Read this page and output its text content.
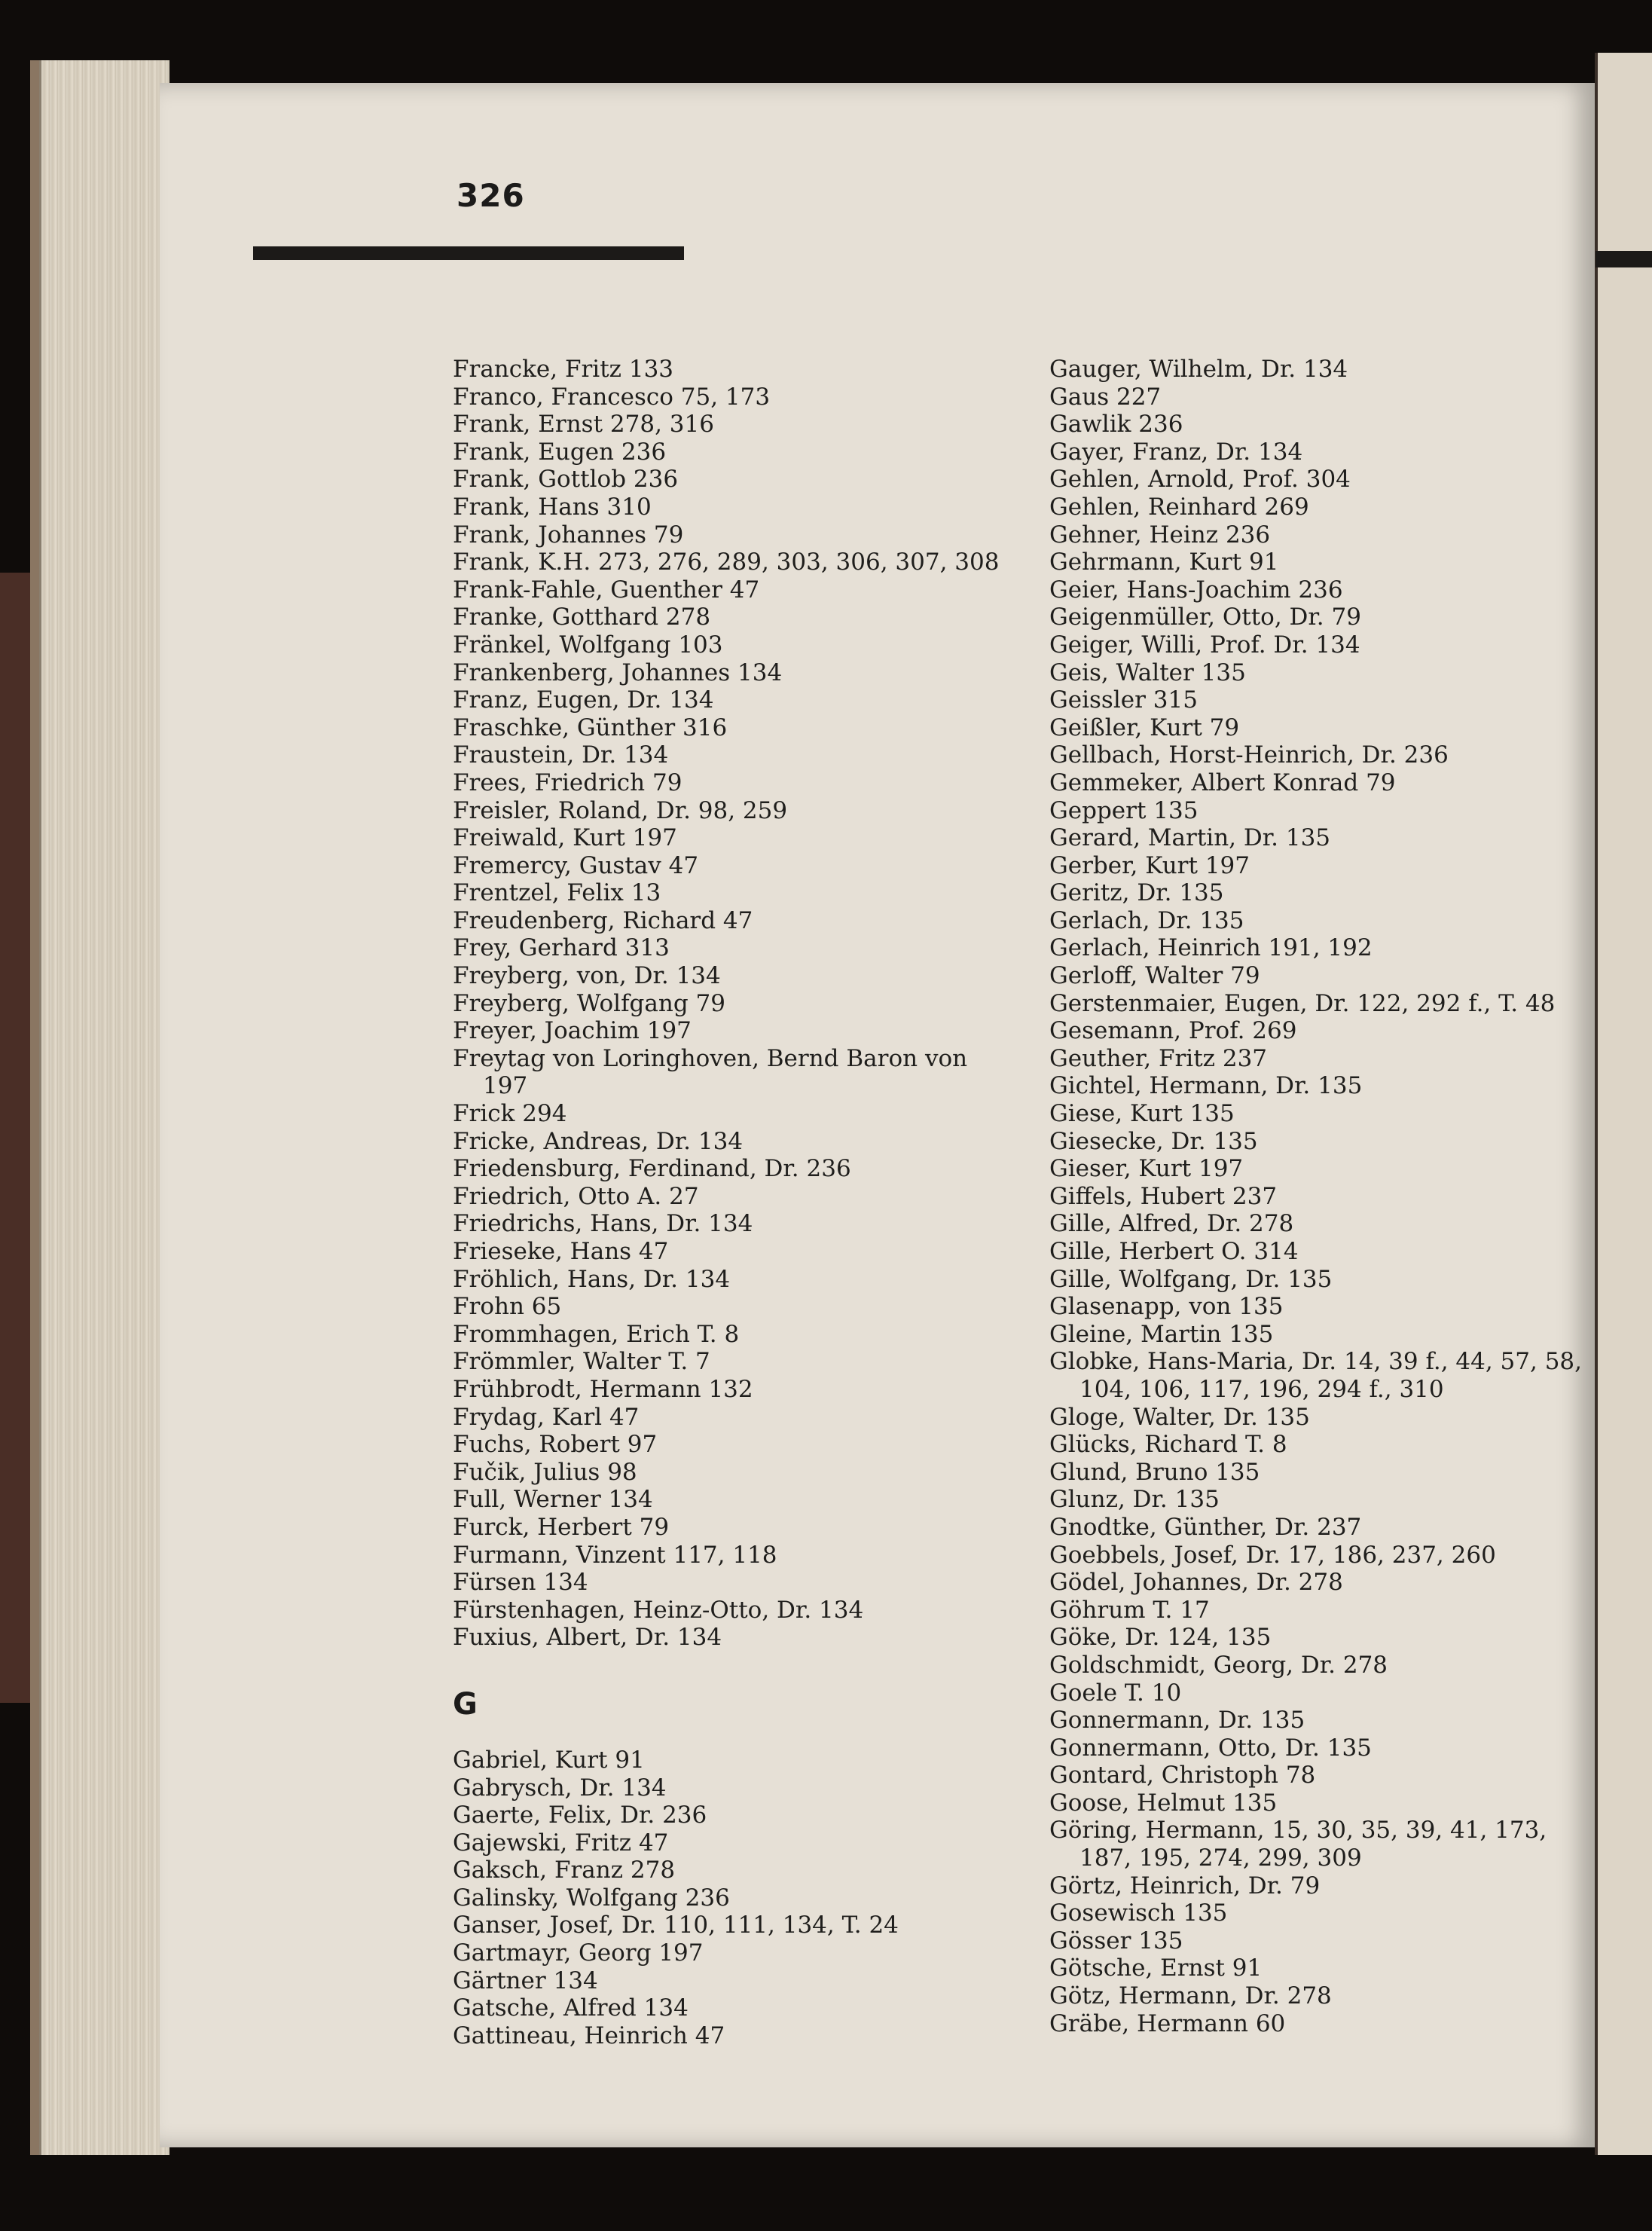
326
Francke, Fritz 133
Franco, Francesco 75, 173
Frank, Ernst 278, 316
Frank, Eugen 236
Frank, Gottlob 236
Frank, Hans 310
Frank, Johannes 79
Frank, K.H. 273, 276, 289, 303, 306, 307, 308
Frank-Fahle, Guenther 47
Franke, Gotthard 278
Fränkel, Wolfgang 103
Frankenberg, Johannes 134
Franz, Eugen, Dr. 134
Fraschke, Günther 316
Fraustein, Dr. 134
Frees, Friedrich 79
Freisler, Roland, Dr. 98, 259
Freiwald, Kurt 197
Fremercy, Gustav 47
Frentzel, Felix 13
Freudenberg, Richard 47
Frey, Gerhard 313
Freyberg, von, Dr. 134
Freyberg, Wolfgang 79
Freyer, Joachim 197
Freytag von Loringhoven, Bernd Baron von
197
Frick 294
Fricke, Andreas, Dr. 134
Friedensburg, Ferdinand, Dr. 236
Friedrich, Otto A. 27
Friedrichs, Hans, Dr. 134
Frieseke, Hans 47
Fröhlich, Hans, Dr. 134
Frohn 65
Frommhagen, Erich T. 8
Frömmler, Walter T. 7
Frühbrodt, Hermann 132
Frydag, Karl 47
Fuchs, Robert 97
Fučik, Julius 98
Full, Werner 134
Furck, Herbert 79
Furmann, Vinzent 117, 118
Fürsen 134
Fürstenhagen, Heinz-Otto, Dr. 134
Fuxius, Albert, Dr. 134
G
Gabriel, Kurt 91
Gabrysch, Dr. 134
Gaerte, Felix, Dr. 236
Gajewski, Fritz 47
Gaksch, Franz 278
Galinsky, Wolfgang 236
Ganser, Josef, Dr. 110, 111, 134, T. 24
Gartmayr, Georg 197
Gärtner 134
Gatsche, Alfred 134
Gattineau, Heinrich 47
Gauger, Wilhelm, Dr. 134
Gaus 227
Gawlik 236
Gayer, Franz, Dr. 134
Gehlen, Arnold, Prof. 304
Gehlen, Reinhard 269
Gehner, Heinz 236
Gehrmann, Kurt 91
Geier, Hans-Joachim 236
Geigenmüller, Otto, Dr. 79
Geiger, Willi, Prof. Dr. 134
Geis, Walter 135
Geissler 315
Geißler, Kurt 79
Gellbach, Horst-Heinrich, Dr. 236
Gemmeker, Albert Konrad 79
Geppert 135
Gerard, Martin, Dr. 135
Gerber, Kurt 197
Geritz, Dr. 135
Gerlach, Dr. 135
Gerlach, Heinrich 191, 192
Gerloff, Walter 79
Gerstenmaier, Eugen, Dr. 122, 292 f., T. 48
Gesemann, Prof. 269
Geuther, Fritz 237
Gichtel, Hermann, Dr. 135
Giese, Kurt 135
Giesecke, Dr. 135
Gieser, Kurt 197
Giffels, Hubert 237
Gille, Alfred, Dr. 278
Gille, Herbert O. 314
Gille, Wolfgang, Dr. 135
Glasenapp, von 135
Gleine, Martin 135
Globke, Hans-Maria, Dr. 14, 39 f., 44, 57, 58,
104, 106, 117, 196, 294 f., 310
Gloge, Walter, Dr. 135
Glücks, Richard T. 8
Glund, Bruno 135
Glunz, Dr. 135
Gnodtke, Günther, Dr. 237
Goebbels, Josef, Dr. 17, 186, 237, 260
Gödel, Johannes, Dr. 278
Göhrum T. 17
Göke, Dr. 124, 135
Goldschmidt, Georg, Dr. 278
Goele T. 10
Gonnermann, Dr. 135
Gonnermann, Otto, Dr. 135
Gontard, Christoph 78
Goose, Helmut 135
Göring, Hermann, 15, 30, 35, 39, 41, 173,
187, 195, 274, 299, 309
Görtz, Heinrich, Dr. 79
Gosewisch 135
Gösser 135
Götsche, Ernst 91
Götz, Hermann, Dr. 278
Gräbe, Hermann 60
